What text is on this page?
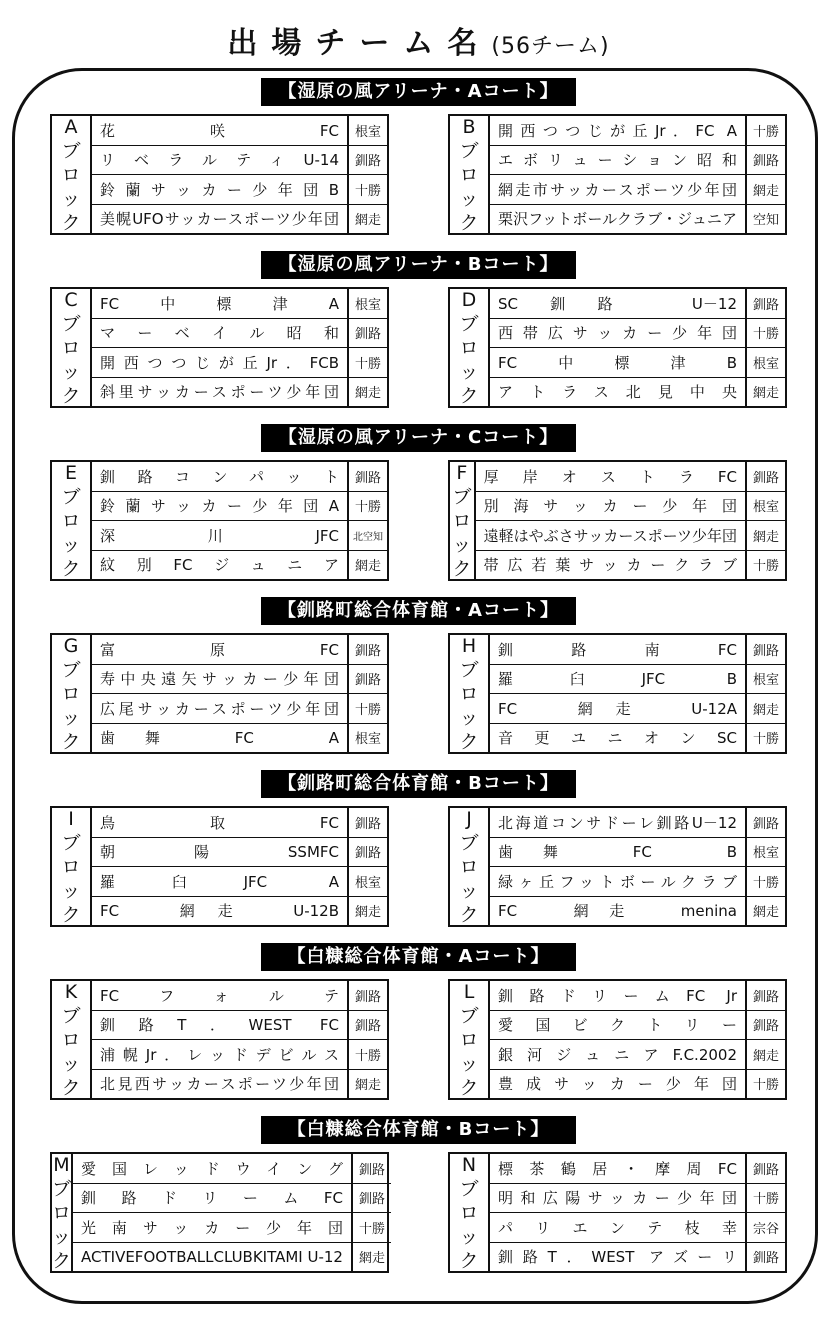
出場チーム名(56チーム)
【湿原の風アリーナ・Aコート】
A
ブ
ロ
ッ
ク
花　　咲　　FC	根室
リベラルティU-14	釧路
鈴蘭サッカー少年団B	十勝
美幌UFOサッカースポーツ少年団	網走
B
ブ
ロ
ッ
ク
開西つつじが丘Jr．FC A	十勝
エボリューション昭和	釧路
網走市サッカースポーツ少年団	網走
栗沢フットボールクラブ・ジュニア	空知
【湿原の風アリーナ・Bコート】
C
ブ
ロ
ッ
ク
FC中標津A	根室
マーベイル昭和	釧路
開西つつじが丘Jr．FCB	十勝
斜里サッカースポーツ少年団	網走
D
ブ
ロ
ッ
ク
SC釧路　U－12	釧路
西帯広サッカー少年団	十勝
FC中標津B	根室
アトラス北見中央	網走
【湿原の風アリーナ・Cコート】
E
ブ
ロ
ッ
ク
釧路コンパット	釧路
鈴蘭サッカー少年団A	十勝
深　　川　　JFC	北空知
紋別FCジュニア	網走
F
ブ
ロ
ッ
ク
厚岸オストラFC	釧路
別海サッカー少年団	根室
遠軽はやぶさサッカースポーツ少年団	網走
帯広若葉サッカークラブ	十勝
【釧路町総合体育館・Aコート】
G
ブ
ロ
ッ
ク
富原FC	釧路
寿中央遠矢サッカー少年団	釧路
広尾サッカースポーツ少年団	十勝
歯舞　FC　A	根室
H
ブ
ロ
ッ
ク
釧路南FC	釧路
羅臼JFC B	根室
FC　網走　U-12A	網走
音更ユニオンSC	十勝
【釧路町総合体育館・Bコート】
I
ブ
ロ
ッ
ク
鳥取FC	釧路
朝陽SSMFC	釧路
羅臼JFC A	根室
FC　網走　U-12B	網走
J
ブ
ロ
ッ
ク
北海道コンサドーレ釧路U－12	釧路
歯舞　FC　B	根室
緑ヶ丘フットボールクラブ	十勝
FC　網走　menina	網走
【白糠総合体育館・Aコート】
K
ブ
ロ
ッ
ク
FCフォルテ	釧路
釧路T．WEST FC	釧路
浦幌Jr．レッドデビルス	十勝
北見西サッカースポーツ少年団	網走
L
ブ
ロ
ッ
ク
釧路ドリームFC Jr	釧路
愛国ビクトリー	釧路
銀河ジュニアF.C.2002	網走
豊成サッカー少年団	十勝
【白糠総合体育館・Bコート】
M
ブ
ロ
ッ
ク
愛国レッドウイング	釧路
釧路ドリームFC	釧路
光南サッカー少年団	十勝
ACTIVEFOOTBALLCLUBKITAMI U-12	網走
N
ブ
ロ
ッ
ク
標茶鶴居・摩周FC	釧路
明和広陽サッカー少年団	十勝
パリエンテ枝幸	宗谷
釧路T．WEST アズーリ	釧路
